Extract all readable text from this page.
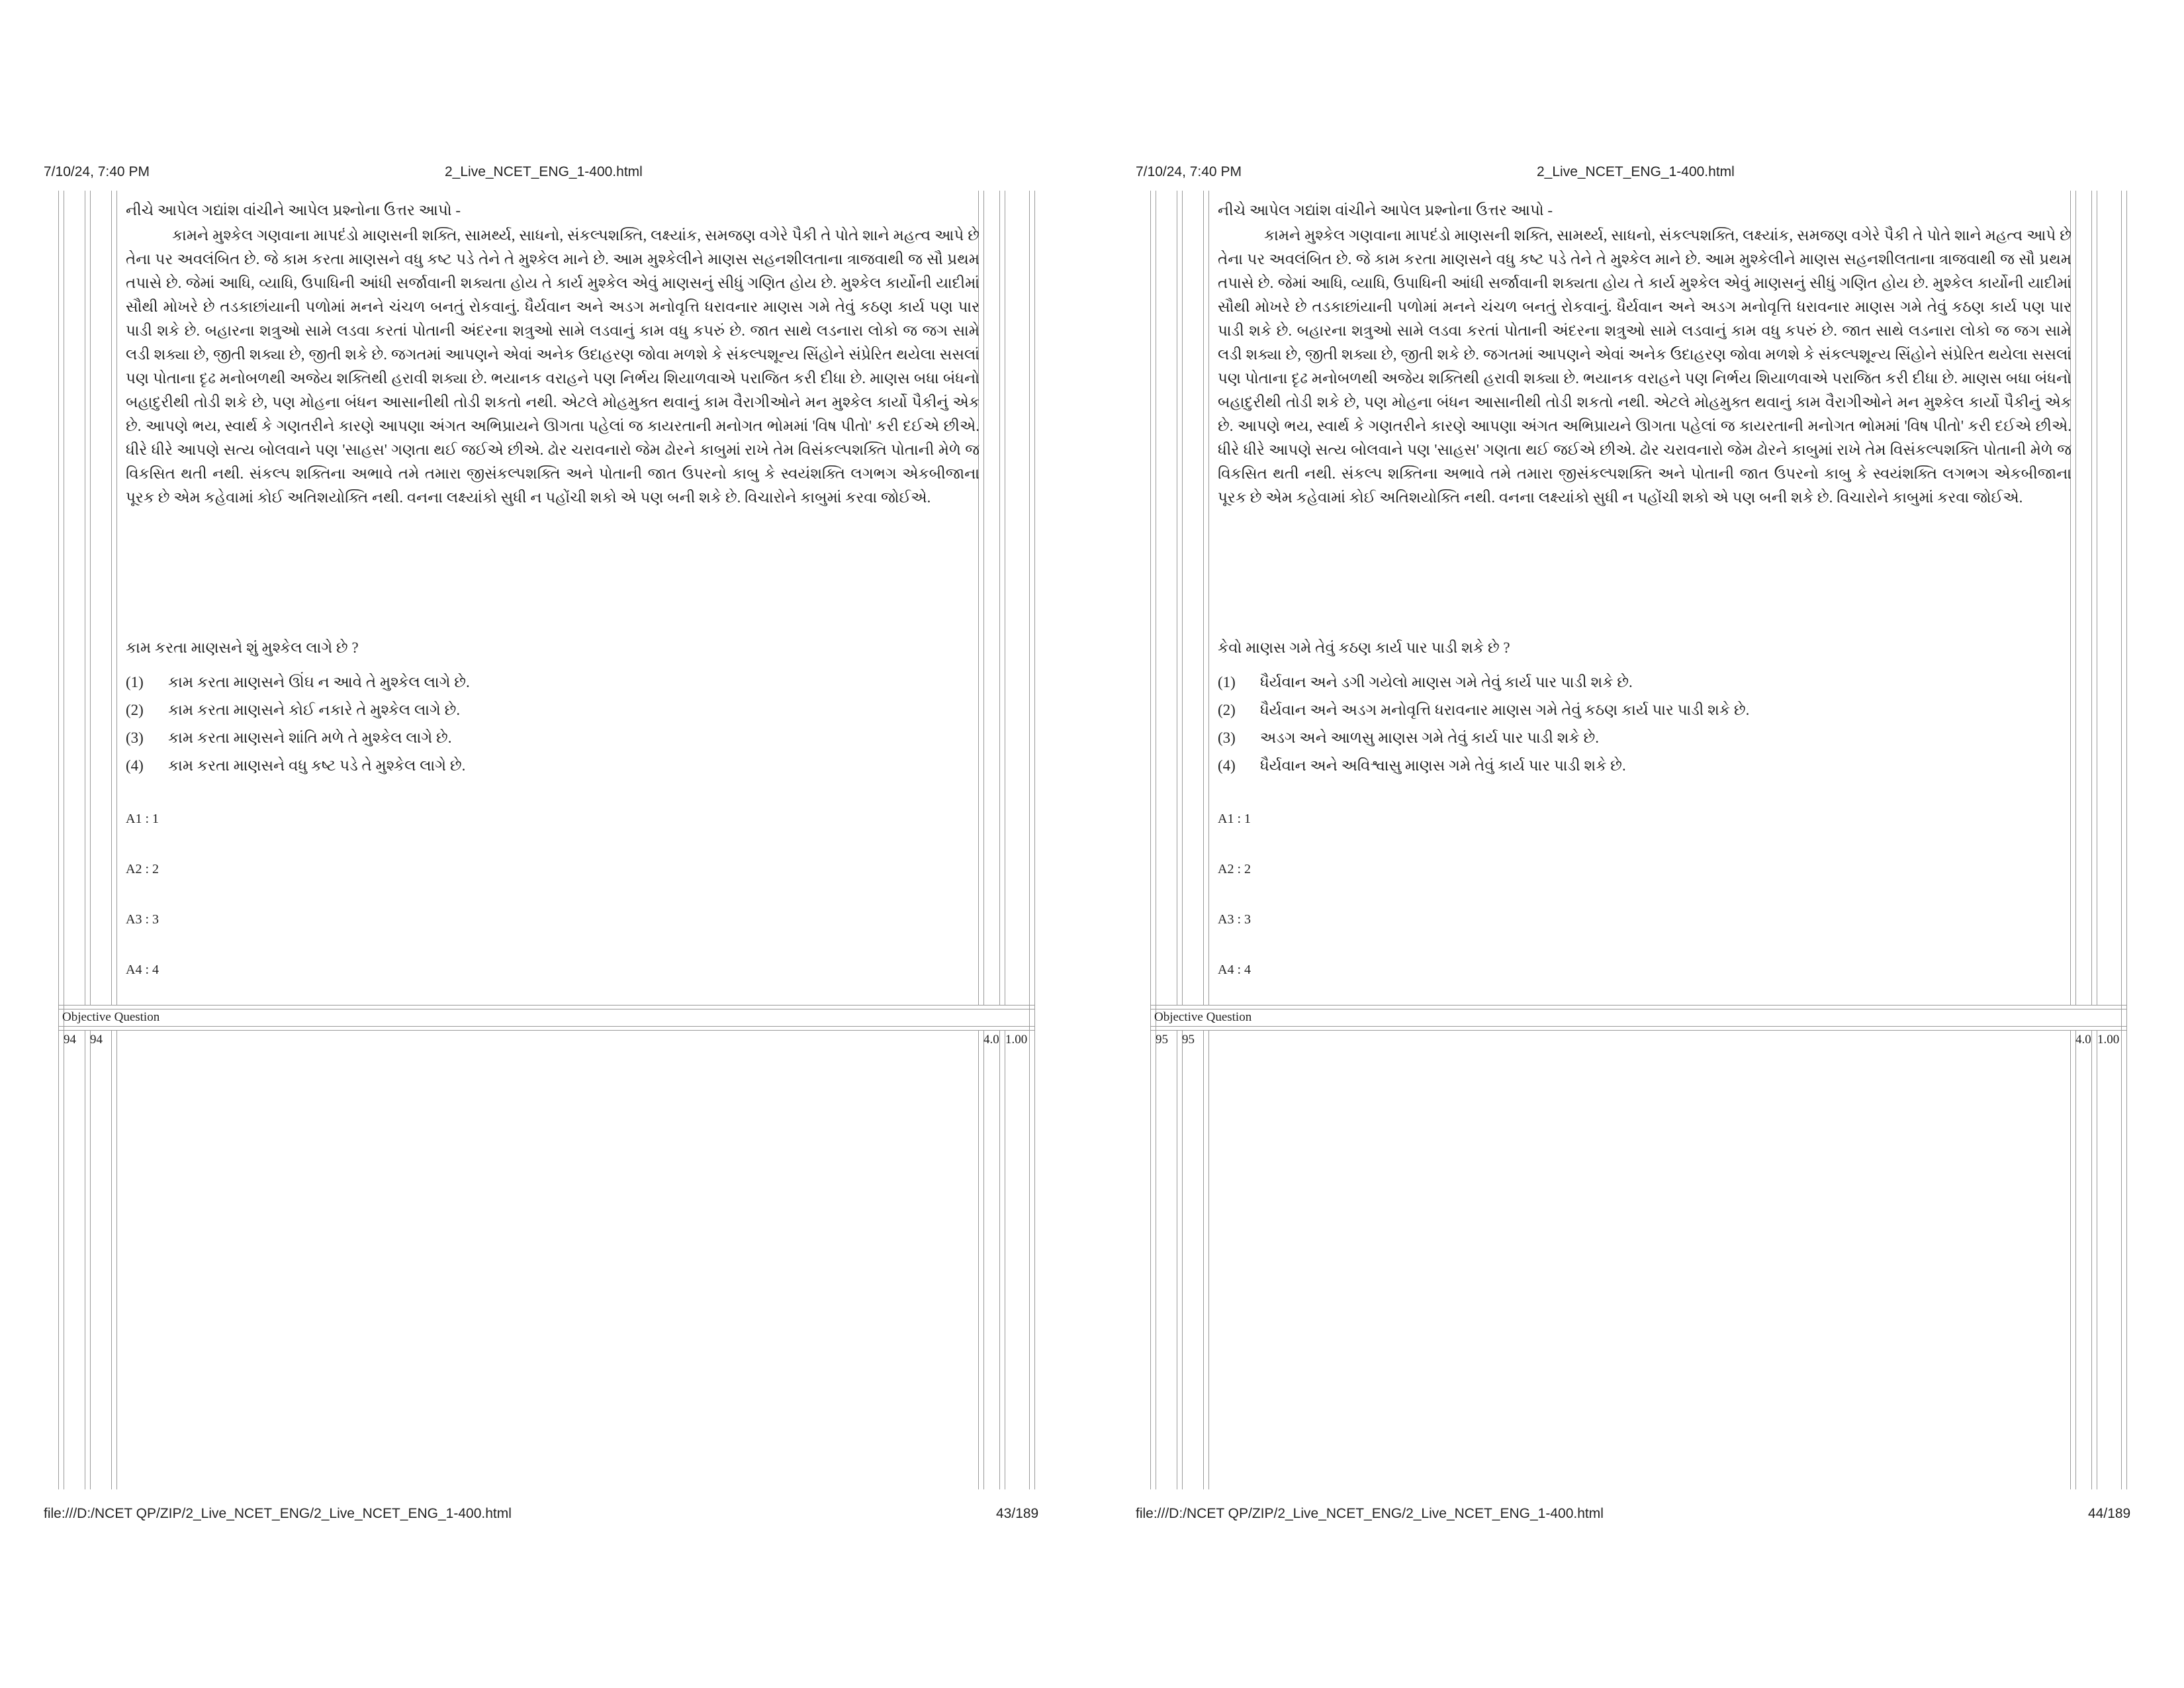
7/10/24, 7:40 PM	2_Live_NCET_ENG_1-400.html

નીચે આપેલ ગદ્યાંશ વાંચીને આપેલ પ્રશ્નોના ઉત્તર આપો -

કામને મુશ્કેલ ગણવાના માપદંડો માણસની શક્તિ, સામર્થ્ય, સાધનો, સંકલ્પશક્તિ, લક્ષ્યાંક, સમજણ વગેરે પૈકી તે પોતે શાને મહત્વ આપે છે તેના પર અવલંબિત છે. જે કામ કરતા માણસને વધુ કષ્ટ પડે તેને તે મુશ્કેલ માને છે. આમ મુશ્કેલીને માણસ સહનશીલતાના ત્રાજવાથી જ સૌ પ્રથમ તપાસે છે. જેમાં આધિ, વ્યાધિ, ઉપાધિની આંધી સર્જાવાની શક્યતા હોય તે કાર્ય મુશ્કેલ એવું માણસનું સીધું ગણિત હોય છે. મુશ્કેલ કાર્યોની યાદીમાં સૌથી મોખરે છે તડકાછાંયાની પળોમાં મનને ચંચળ બનતું રોકવાનું. ધૈર્યવાન અને અડગ મનોવૃત્તિ ધરાવનાર માણસ ગમે તેવું કઠણ કાર્ય પણ પાર પાડી શકે છે. બહારના શત્રુઓ સામે લડવા કરતાં પોતાની અંદરના શત્રુઓ સામે લડવાનું કામ વધુ કપરું છે. જાત સાથે લડનારા લોકો જ જગ સામે લડી શક્યા છે, જીતી શક્યા છે, જીતી શકે છે. જગતમાં આપણને એવાં અનેક ઉદાહરણ જોવા મળશે કે સંકલ્પશૂન્ય સિંહોને સંપ્રેરિત થયેલા સસલાં પણ પોતાના દૃઢ મનોબળથી અજેય શક્તિથી હરાવી શક્યા છે. ભયાનક વરાહને પણ નિર્ભય શિયાળવાએ પરાજિત કરી દીધા છે. માણસ બધા બંધનો બહાદુરીથી તોડી શકે છે, પણ મોહના બંધન આસાનીથી તોડી શકતો નથી. એટલે મોહમુક્ત થવાનું કામ વૈરાગીઓને મન મુશ્કેલ કાર્યો પૈકીનું એક છે. આપણે ભય, સ્વાર્થ કે ગણતરીને કારણે આપણા અંગત અભિપ્રાયને ઊગતા પહેલાં જ કાયરતાની મનોગત ભોમમાં 'વિષ પીતો' કરી દઈએ છીએ. ધીરે ધીરે આપણે સત્ય બોલવાને પણ 'સાહસ' ગણતા થઈ જઈએ છીએ. ઢોર ચરાવનારો જેમ ઢોરને કાબુમાં રાખે તેમ વિસંકલ્પશક્તિ પોતાની મેળે જ વિકસિત થતી નથી. સંકલ્પ શક્તિના અભાવે તમે તમારા જીસંકલ્પશક્તિ અને પોતાની જાત ઉપરનો કાબુ કે સ્વયંશક્તિ લગભગ એકબીજાના પૂરક છે એમ કહેવામાં કોઈ અતિશયોક્તિ નથી. વનના લક્ષ્યાંકો સુધી ન પહોંચી શકો એ પણ બની શકે છે. વિચારોને કાબુમાં કરવા જોઈએ.

કામ કરતા માણસને શું મુશ્કેલ લાગે છે ?
(1)	કામ કરતા માણસને ઊંઘ ન આવે તે મુશ્કેલ લાગે છે.
(2)	કામ કરતા માણસને કોઈ નકારે તે મુશ્કેલ લાગે છે.
(3)	કામ કરતા માણસને શાંતિ મળે તે મુશ્કેલ લાગે છે.
(4)	કામ કરતા માણસને વધુ કષ્ટ પડે તે મુશ્કેલ લાગે છે.
A1 : 1
A2 : 2
A3 : 3
A4 : 4
Objective Question
94 94	4.0 1.00
file:///D:/NCET QP/ZIP/2_Live_NCET_ENG/2_Live_NCET_ENG_1-400.html	43/189
7/10/24, 7:40 PM	2_Live_NCET_ENG_1-400.html

નીચે આપેલ ગદ્યાંશ વાંચીને આપેલ પ્રશ્નોના ઉત્તર આપો -

કામને મુશ્કેલ ગણવાના માપદંડો માણસની શક્તિ, સામર્થ્ય, સાધનો, સંકલ્પશક્તિ, લક્ષ્યાંક, સમજણ વગેરે પૈકી તે પોતે શાને મહત્વ આપે છે તેના પર અવલંબિત છે. જે કામ કરતા માણસને વધુ કષ્ટ પડે તેને તે મુશ્કેલ માને છે. આમ મુશ્કેલીને માણસ સહનશીલતાના ત્રાજવાથી જ સૌ પ્રથમ તપાસે છે. જેમાં આધિ, વ્યાધિ, ઉપાધિની આંધી સર્જાવાની શક્યતા હોય તે કાર્ય મુશ્કેલ એવું માણસનું સીધું ગણિત હોય છે. મુશ્કેલ કાર્યોની યાદીમાં સૌથી મોખરે છે તડકાછાંયાની પળોમાં મનને ચંચળ બનતું રોકવાનું. ધૈર્યવાન અને અડગ મનોવૃત્તિ ધરાવનાર માણસ ગમે તેવું કઠણ કાર્ય પણ પાર પાડી શકે છે. બહારના શત્રુઓ સામે લડવા કરતાં પોતાની અંદરના શત્રુઓ સામે લડવાનું કામ વધુ કપરું છે. જાત સાથે લડનારા લોકો જ જગ સામે લડી શક્યા છે, જીતી શક્યા છે, જીતી શકે છે. જગતમાં આપણને એવાં અનેક ઉદાહરણ જોવા મળશે કે સંકલ્પશૂન્ય સિંહોને સંપ્રેરિત થયેલા સસલાં પણ પોતાના દૃઢ મનોબળથી અજેય શક્તિથી હરાવી શક્યા છે. ભયાનક વરાહને પણ નિર્ભય શિયાળવાએ પરાજિત કરી દીધા છે. માણસ બધા બંધનો બહાદુરીથી તોડી શકે છે, પણ મોહના બંધન આસાનીથી તોડી શકતો નથી. એટલે મોહમુક્ત થવાનું કામ વૈરાગીઓને મન મુશ્કેલ કાર્યો પૈકીનું એક છે. આપણે ભય, સ્વાર્થ કે ગણતરીને કારણે આપણા અંગત અભિપ્રાયને ઊગતા પહેલાં જ કાયરતાની મનોગત ભોમમાં 'વિષ પીતો' કરી દઈએ છીએ. ધીરે ધીરે આપણે સત્ય બોલવાને પણ 'સાહસ' ગણતા થઈ જઈએ છીએ. ઢોર ચરાવનારો જેમ ઢોરને કાબુમાં રાખે તેમ વિસંકલ્પશક્તિ પોતાની મેળે જ વિકસિત થતી નથી. સંકલ્પ શક્તિના અભાવે તમે તમારા જીસંકલ્પશક્તિ અને પોતાની જાત ઉપરનો કાબુ કે સ્વયંશક્તિ લગભગ એકબીજાના પૂરક છે એમ કહેવામાં કોઈ અતિશયોક્તિ નથી. વનના લક્ષ્યાંકો સુધી ન પહોંચી શકો એ પણ બની શકે છે. વિચારોને કાબુમાં કરવા જોઈએ.

કેવો માણસ ગમે તેવું કઠણ કાર્ય પાર પાડી શકે છે ?
(1)	ધૈર્યવાન અને ડગી ગયેલો માણસ ગમે તેવું કાર્ય પાર પાડી શકે છે.
(2)	ધૈર્યવાન અને અડગ મનોવૃત્તિ ધરાવનાર માણસ ગમે તેવું કઠણ કાર્ય પાર પાડી શકે છે.
(3)	અડગ અને આળસુ માણસ ગમે તેવું કાર્ય પાર પાડી શકે છે.
(4)	ધૈર્યવાન અને અવિશ્વાસુ માણસ ગમે તેવું કાર્ય પાર પાડી શકે છે.
A1 : 1
A2 : 2
A3 : 3
A4 : 4
Objective Question
95 95	4.0 1.00
file:///D:/NCET QP/ZIP/2_Live_NCET_ENG/2_Live_NCET_ENG_1-400.html	44/189
